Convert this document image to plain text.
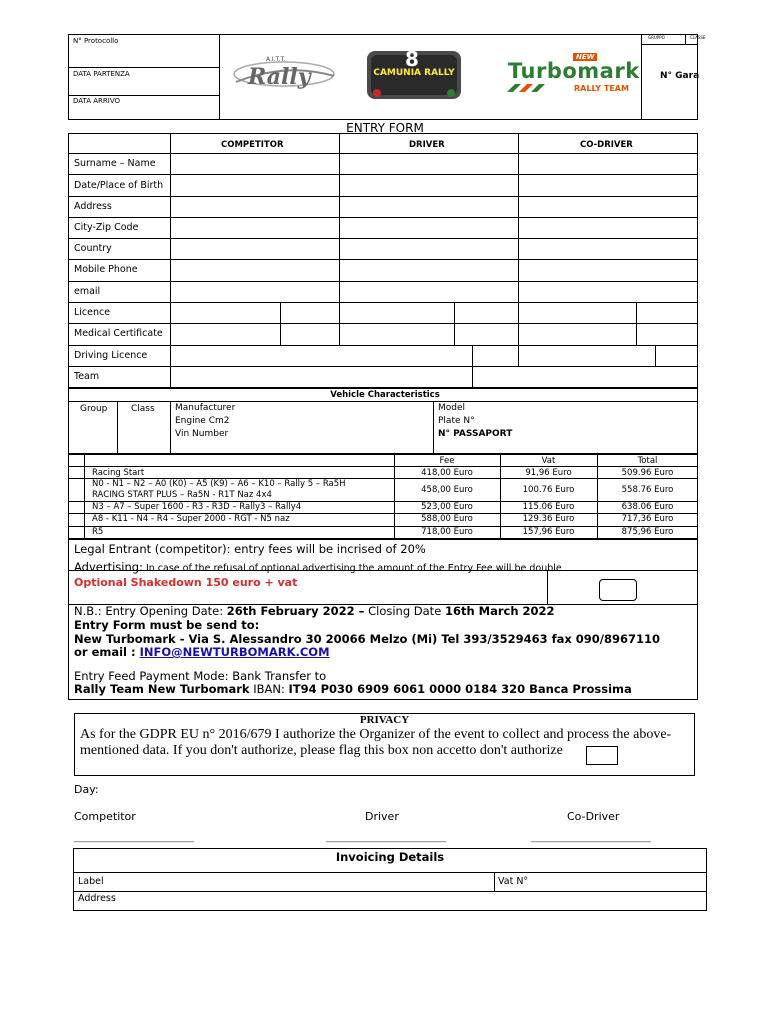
N° Protocollo
DATA PARTENZA
DATA ARRIVO
GRUPPO	CLASSE
N° Gara
A.I.T.T.
Rally
8
CAMUNIA RALLY
NEW
Turbomark
RALLY TEAM
ENTRY FORM
COMPETITOR	DRIVER	CO-DRIVER
Surname – Name
Date/Place of Birth
Address
City-Zip Code
Country
Mobile Phone
email
Licence
Medical Certificate
Driving Licence
Team
Vehicle Characteristics
Group	Class Manufacturer
Engine Cm2
Vin Number
Model
Plate N°
N° PASSAPORT
Fee	Vat	Total
Racing Start	418,00 Euro	91,96 Euro	509.96 Euro
N0 - N1 – N2 – A0 (K0) – A5 (K9) – A6 – K10 – Rally 5 – Ra5H
RACING START PLUS – Ra5N - R1T Naz 4x4	458,00 Euro	100.76 Euro	558.76 Euro
N3 – A7 – Super 1600 - R3 - R3D – Rally3 – Rally4	523,00 Euro	115.06 Euro	638.06 Euro
A8 - K11 - N4 - R4 - Super 2000 - RGT - N5 naz	588,00 Euro	129.36 Euro	717,36 Euro
R5	718,00 Euro	157,96 Euro	875,96 Euro
Legal Entrant (competitor): entry fees will be incrised of 20%
Advertising: In case of the refusal of optional advertising the amount of the Entry Fee will be double
Optional Shakedown 150 euro + vat
N.B.: Entry Opening Date: 26th February 2022 – Closing Date 16th March 2022
Entry Form must be send to:
New Turbomark - Via S. Alessandro 30 20066 Melzo (Mi) Tel 393/3529463 fax 090/8967110
or email : INFO@NEWTURBOMARK.COM
Entry Feed Payment Mode: Bank Transfer to
Rally Team New Turbomark IBAN: IT94 P030 6909 6061 0000 0184 320 Banca Prossima
PRIVACY
As for the GDPR EU n° 2016/679 I authorize the Organizer of the event to collect and process the above-
mentioned data. If you don't authorize, please flag this box non accetto don't authorize
Day:
Competitor	Driver	Co-Driver
________________________	________________________	________________________
Invoicing Details
Label	Vat N°
Address
